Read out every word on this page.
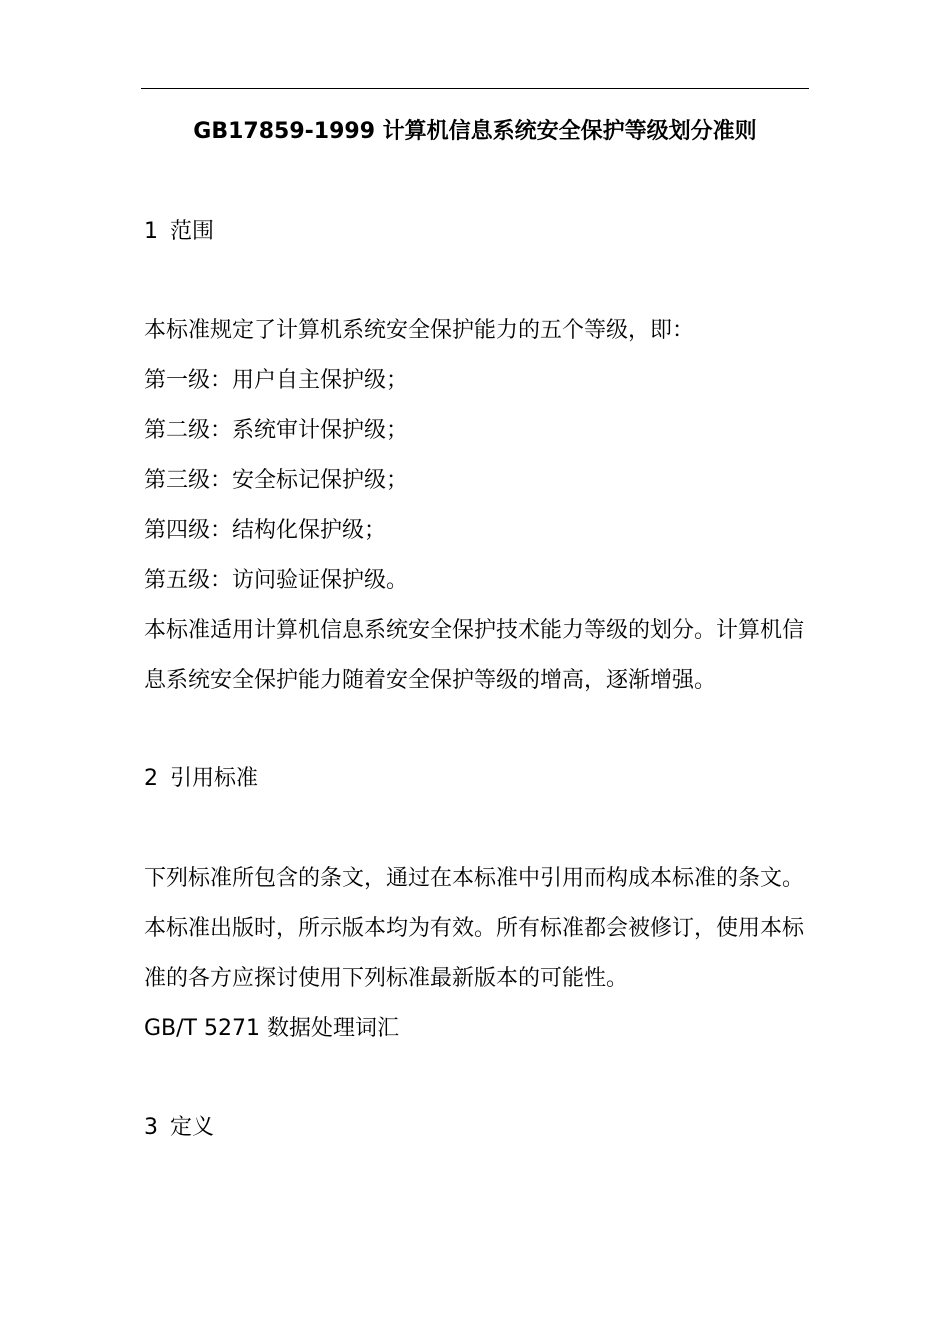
GB17859-1999 计算机信息系统安全保护等级划分准则
1 范围
本标准规定了计算机系统安全保护能力的五个等级，即：
第一级：用户自主保护级；
第二级：系统审计保护级；
第三级：安全标记保护级；
第四级：结构化保护级；
第五级：访问验证保护级。
本标准适用计算机信息系统安全保护技术能力等级的划分。计算机信
息系统安全保护能力随着安全保护等级的增高，逐渐增强。
2 引用标准
下列标准所包含的条文，通过在本标准中引用而构成本标准的条文。
本标准出版时，所示版本均为有效。所有标准都会被修订，使用本标
准的各方应探讨使用下列标准最新版本的可能性。
GB/T 5271 数据处理词汇
3 定义
